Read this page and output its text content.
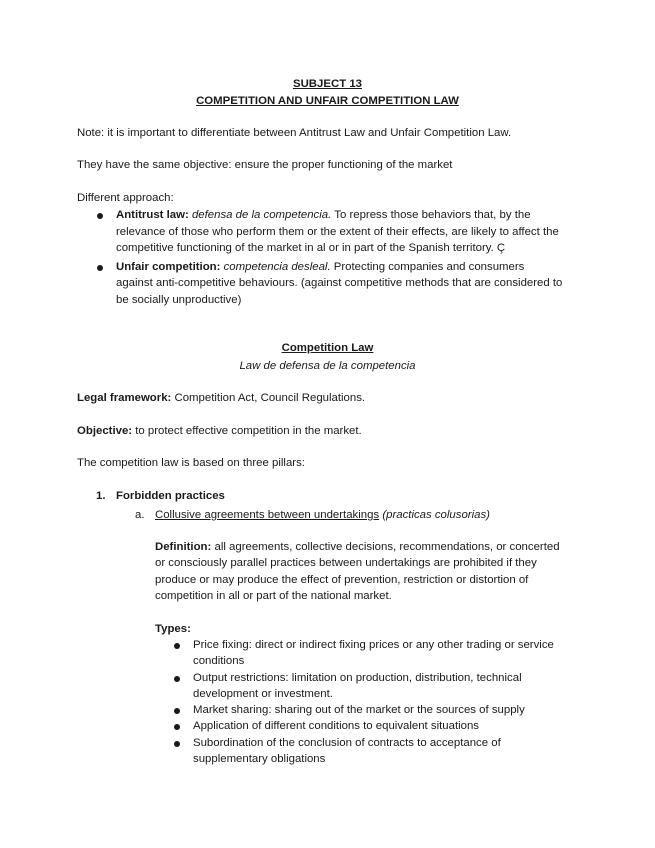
SUBJECT 13
COMPETITION AND UNFAIR COMPETITION LAW
Note: it is important to differentiate between Antitrust Law and Unfair Competition Law.
They have the same objective: ensure the proper functioning of the market
Different approach:
Antitrust law: defensa de la competencia. To repress those behaviors that, by the
relevance of those who perform them or the extent of their effects, are likely to affect the
competitive functioning of the market in al or in part of the Spanish territory. Ç
Unfair competition: competencia desleal. Protecting companies and consumers
against anti-competitive behaviours. (against competitive methods that are considered to
be socially unproductive)
Competition Law
Law de defensa de la competencia
Legal framework: Competition Act, Council Regulations.
Objective: to protect effective competition in the market.
The competition law is based on three pillars:
1. Forbidden practices
a. Collusive agreements between undertakings (practicas colusorias)
Definition: all agreements, collective decisions, recommendations, or concerted
or consciously parallel practices between undertakings are prohibited if they
produce or may produce the effect of prevention, restriction or distortion of
competition in all or part of the national market.
Types:
Price fixing: direct or indirect fixing prices or any other trading or service
conditions
Output restrictions: limitation on production, distribution, technical
development or investment.
Market sharing: sharing out of the market or the sources of supply
Application of different conditions to equivalent situations
Subordination of the conclusion of contracts to acceptance of
supplementary obligations
